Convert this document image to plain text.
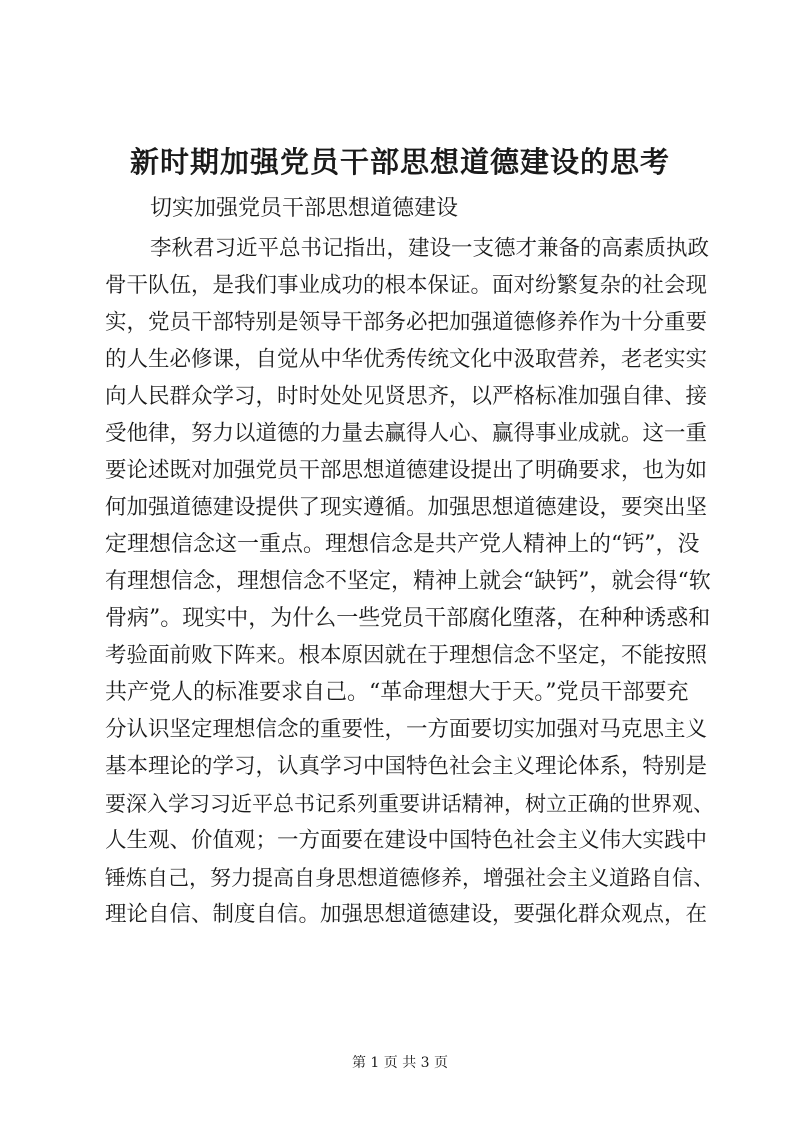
新时期加强党员干部思想道德建设的思考

切实加强党员干部思想道德建设

李秋君习近平总书记指出，建设一支德才兼备的高素质执政

骨干队伍，是我们事业成功的根本保证。面对纷繁复杂的社会现

实，党员干部特别是领导干部务必把加强道德修养作为十分重要

的人生必修课，自觉从中华优秀传统文化中汲取营养，老老实实

向人民群众学习，时时处处见贤思齐，以严格标准加强自律、接

受他律，努力以道德的力量去赢得人心、赢得事业成就。这一重

要论述既对加强党员干部思想道德建设提出了明确要求，也为如

何加强道德建设提供了现实遵循。加强思想道德建设，要突出坚

定理想信念这一重点。理想信念是共产党人精神上的“钙”，没

有理想信念，理想信念不坚定，精神上就会“缺钙”，就会得“软

骨病”。现实中，为什么一些党员干部腐化堕落，在种种诱惑和

考验面前败下阵来。根本原因就在于理想信念不坚定，不能按照

共产党人的标准要求自己。“革命理想大于天。”党员干部要充

分认识坚定理想信念的重要性，一方面要切实加强对马克思主义

基本理论的学习，认真学习中国特色社会主义理论体系，特别是

要深入学习习近平总书记系列重要讲话精神，树立正确的世界观、

人生观、价值观；一方面要在建设中国特色社会主义伟大实践中

锤炼自己，努力提高自身思想道德修养，增强社会主义道路自信、

理论自信、制度自信。加强思想道德建设，要强化群众观点，在

第 1 页 共 3 页
